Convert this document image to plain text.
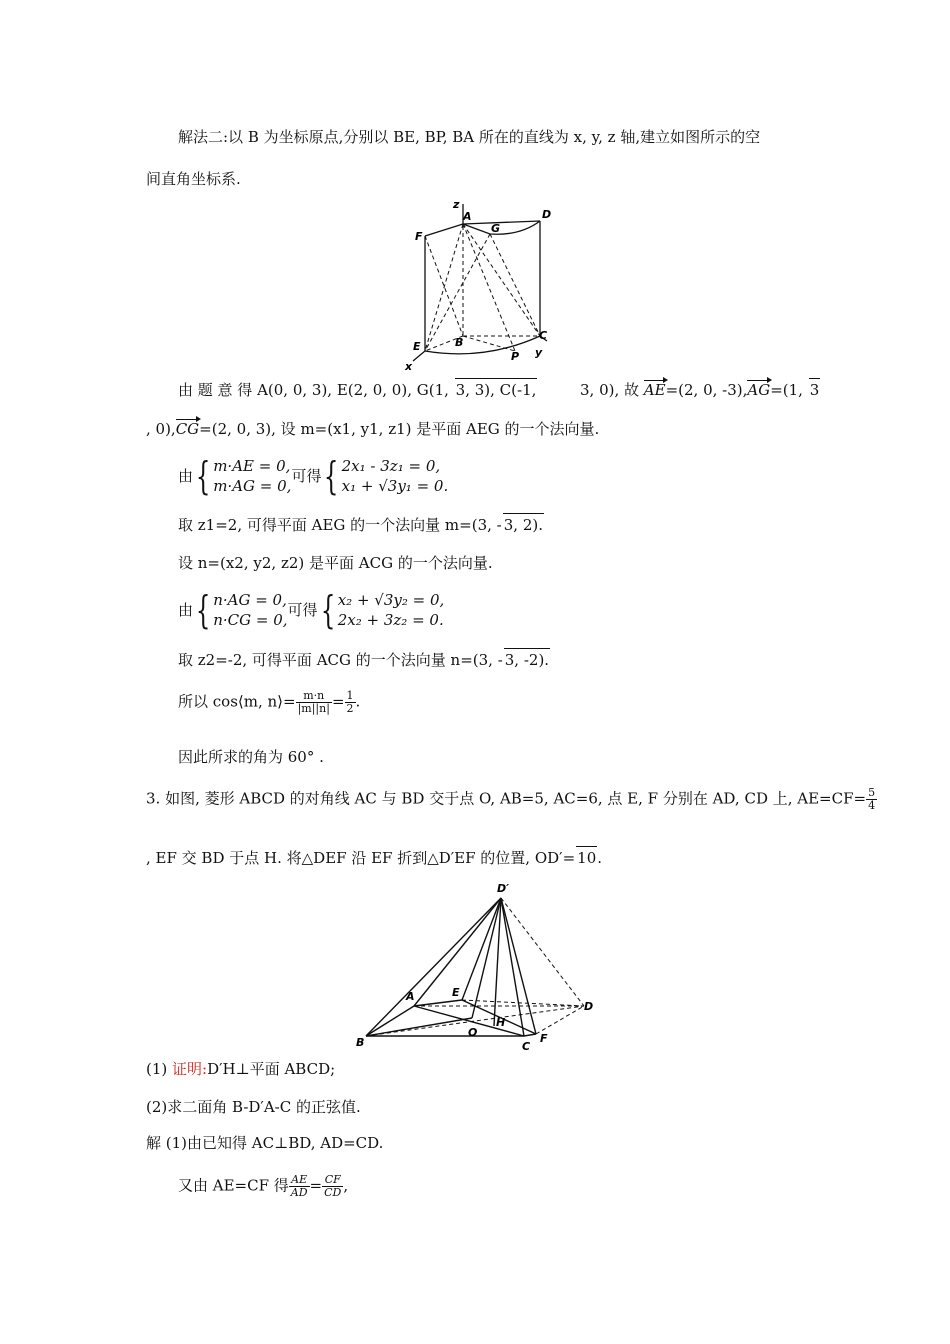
解法二:以 B 为坐标原点,分别以 BE, BP, BA 所在的直线为 x, y, z 轴,建立如图所示的空
间直角坐标系.
z
A	D
F
G
E	B
P
C
x
y
由 题 意 得 A(0, 0, 3), E(2, 0, 0), G(1, 3, 3), C(-1,	3, 0), 故 AE=(2, 0, -3),AG=(1, 3
, 0),CG=(2, 0, 3), 设 m=(x1, y1, z1) 是平面 AEG 的一个法向量.
由{ m·AE = 0,
m·AG = 0,
可得{ 2x₁ - 3z₁ = 0,
x₁ + √3y₁ = 0.
取 z1=2, 可得平面 AEG 的一个法向量 m=(3, - 3, 2).
设 n=(x2, y2, z2) 是平面 ACG 的一个法向量.
由{ n·AG = 0,
n·CG = 0,
可得{ x₂ + √3y₂ = 0,
2x₂ + 3z₂ = 0.
取 z2=-2, 可得平面 ACG 的一个法向量 n=(3, - 3, -2).
所以 cos⟨m, n⟩= $\frac{m\cdot n}{|m||n|} = \frac{1}{2}$ .
因此所求的角为 60° .
3. 如图, 菱形 ABCD 的对角线 AC 与 BD 交于点 O, AB=5, AC=6, 点 E, F 分别在 AD, CD 上, $AE=CF= \frac{5}{4}$
, EF 交 BD 于点 H. 将△DEF 沿 EF 折到△D′EF 的位置, OD′= 10.
D′
A	E
D
H
O
B	C
F
(1) 证明:D′H⊥平面 ABCD;
(2)求二面角 B-D′A-C 的正弦值.
解 (1)由已知得 AC⊥BD, AD=CD.
又由 AE=CF 得 $\frac{AE}{AD} = \frac{CF}{CD}$ ,
